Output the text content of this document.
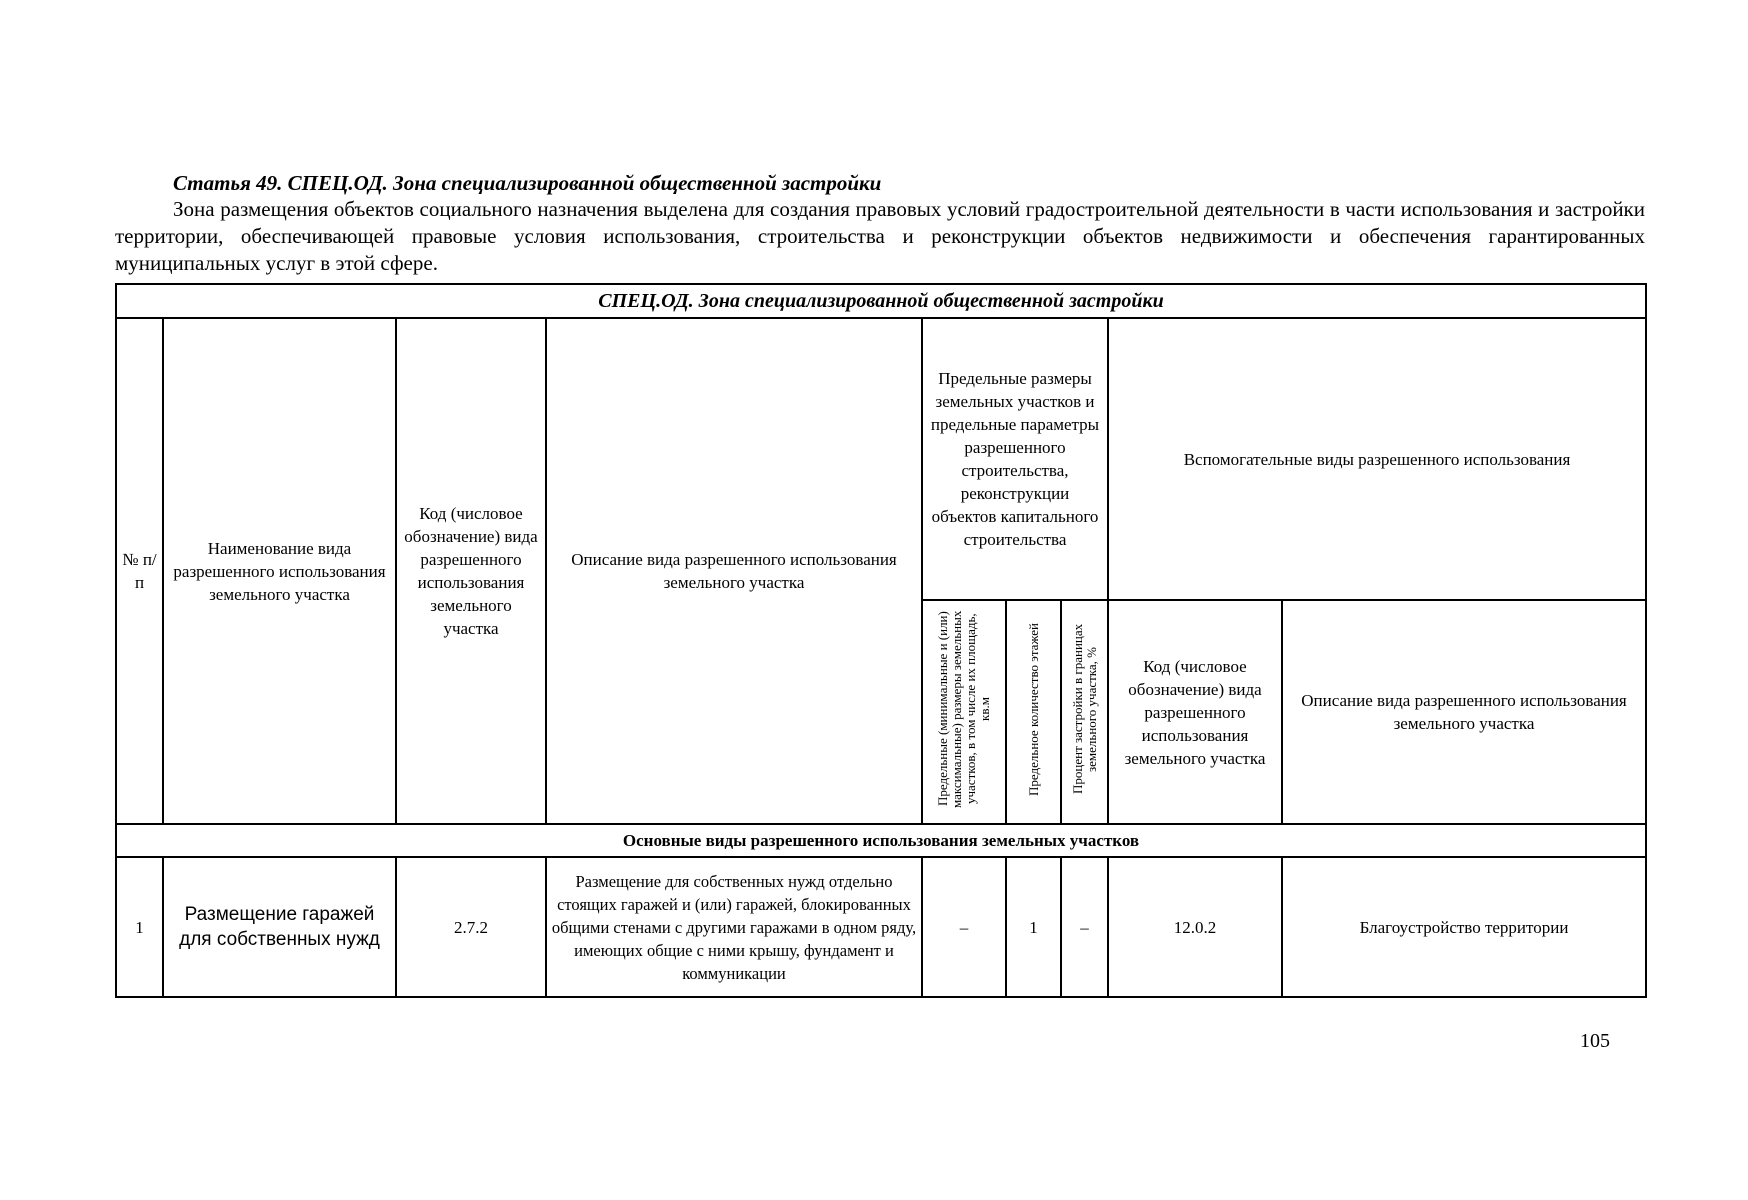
Статья 49. СПЕЦ.ОД. Зона специализированной общественной застройки

Зона размещения объектов социального назначения выделена для создания правовых условий градостроительной деятельности в части использования и застройки территории, обеспечивающей правовые условия использования, строительства и реконструкции объектов недвижимости и обеспечения гарантированных муниципальных услуг в этой сфере.

СПЕЦ.ОД. Зона специализированной общественной застройки								
№ п/п	Наименование вида разрешенного использования земельного участка	Код (числовое обозначение) вида разрешенного использования земельного участка	Описание вида разрешенного использования земельного участка	Предельные размеры земельных участков и предельные параметры разрешенного строительства, реконструкции объектов капитального строительства			Вспомогательные виды разрешенного использования	
				Предельные (минимальные и (или) максимальные) размеры земельных участков, в том числе их площадь, кв.м	Предельное количество этажей	Процент застройки в границах земельного участка, %	Код (числовое обозначение) вида разрешенного использования земельного участка	Описание вида разрешенного использования земельного участка
Основные виды разрешенного использования земельных участков								
1	Размещение гаражей для собственных нужд	2.7.2	Размещение для собственных нужд отдельно стоящих гаражей и (или) гаражей, блокированных общими стенами с другими гаражами в одном ряду, имеющих общие с ними крышу, фундамент и коммуникации	–	1	–	12.0.2	Благоустройство территории
105
